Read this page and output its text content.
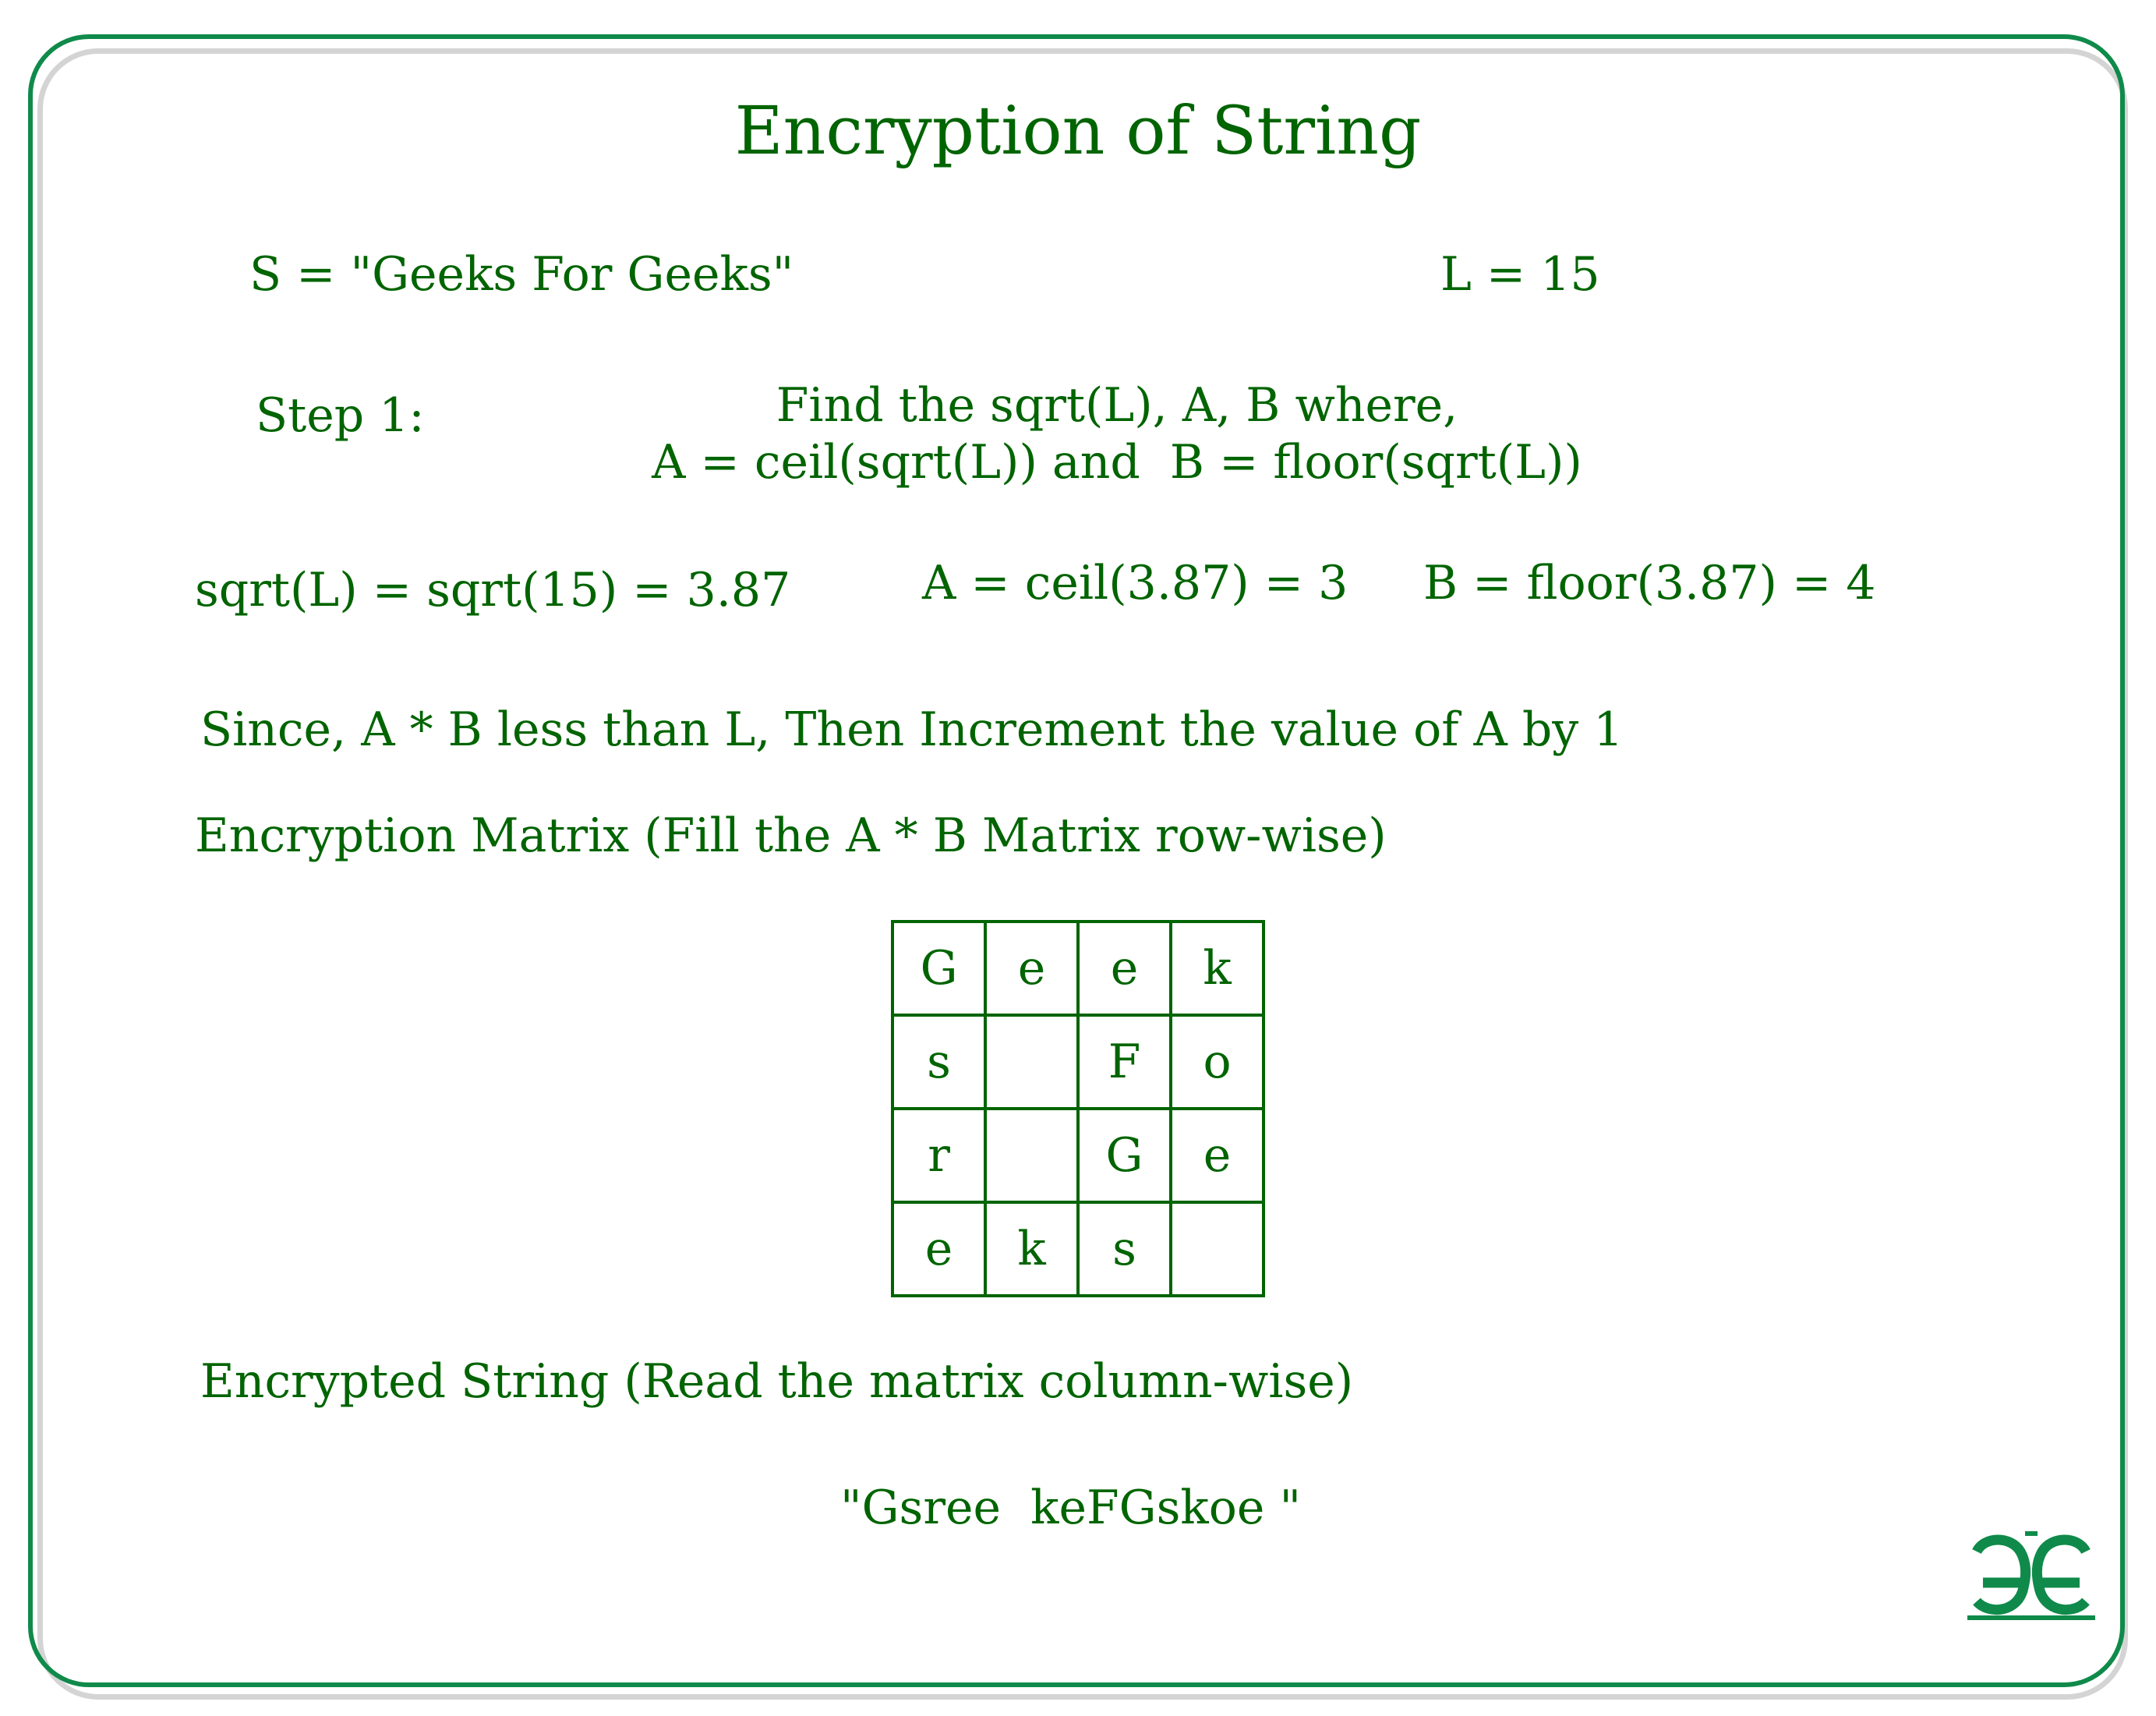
Encryption of String
S = "Geeks For Geeks"	L = 15
Step 1:	Find the sqrt(L), A, B where,
A = ceil(sqrt(L)) and  B = floor(sqrt(L))
sqrt(L) = sqrt(15) = 3.87	A = ceil(3.87) = 3 B = floor(3.87) = 4
Since, A * B less than L, Then Increment the value of A by 1
Encryption Matrix (Fill the A * B Matrix row-wise)
G	e	e	k
s		F	o
r		G	e
e	k	s	
Encrypted String (Read the matrix column-wise)
"Gsree  keFGskoe "
